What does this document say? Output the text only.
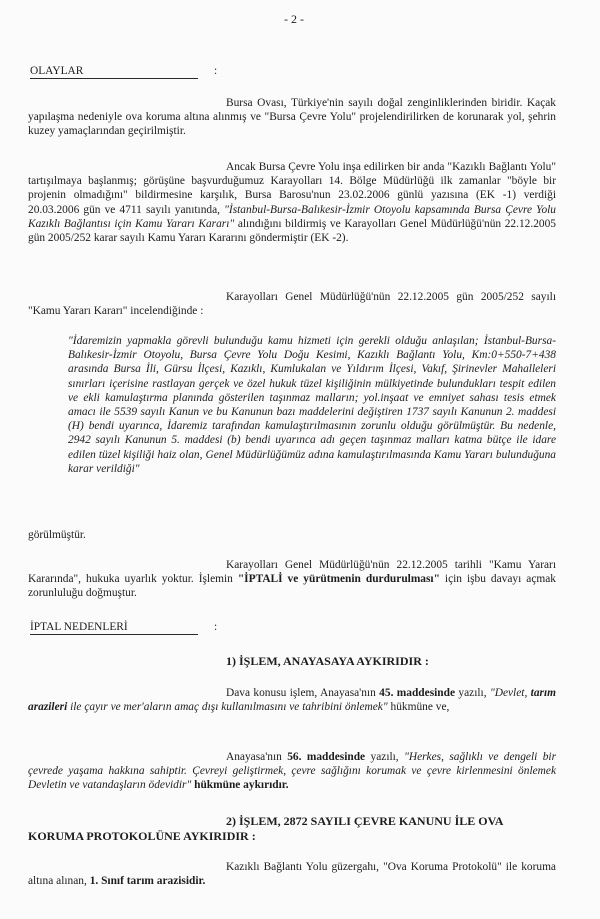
- 2 -
OLAYLAR	:
Bursa Ovası, Türkiye'nin sayılı doğal zenginliklerinden biridir. Kaçak yapılaşma nedeniyle ova koruma altına alınmış ve "Bursa Çevre Yolu" projelendirilirken de korunarak yol, şehrin kuzey yamaçlarından geçirilmiştir.
Ancak Bursa Çevre Yolu inşa edilirken bir anda "Kazıklı Bağlantı Yolu" tartışılmaya başlanmış; görüşüne başvurduğumuz Karayolları 14. Bölge Müdürlüğü ilk zamanlar "böyle bir projenin olmadığını" bildirmesine karşılık, Bursa Barosu'nun 23.02.2006 günlü yazısına (EK -1) verdiği 20.03.2006 gün ve 4711 sayılı yanıtında, "İstanbul-Bursa-Balıkesir-İzmir Otoyolu kapsamında Bursa Çevre Yolu Kazıklı Bağlantısı için Kamu Yararı Kararı" alındığını bildirmiş ve Karayolları Genel Müdürlüğü'nün 22.12.2005 gün 2005/252 karar sayılı Kamu Yararı Kararını göndermiştir (EK -2).
Karayolları Genel Müdürlüğü'nün 22.12.2005 gün 2005/252 sayılı "Kamu Yararı Kararı" incelendiğinde :
"İdaremizin yapmakla görevli bulunduğu kamu hizmeti için gerekli olduğu anlaşılan; İstanbul-Bursa-Balıkesir-İzmir Otoyolu, Bursa Çevre Yolu Doğu Kesimi, Kazıklı Bağlantı Yolu, Km:0+550-7+438 arasında Bursa İli, Gürsu İlçesi, Kazıklı, Kumlukalan ve Yıldırım İlçesi, Vakıf, Şirinevler Mahalleleri sınırları içerisine rastlayan gerçek ve özel hukuk tüzel kişiliğinin mülkiyetinde bulundukları tespit edilen ve ekli kamulaştırma planında gösterilen taşınmaz malların; yol.inşaat ve emniyet sahası tesis etmek amacı ile 5539 sayılı Kanun ve bu Kanunun bazı maddelerini değiştiren 1737 sayılı Kanunun 2. maddesi (H) bendi uyarınca, İdaremiz tarafından kamulaştırılmasının zorunlu olduğu görülmüştür. Bu nedenle, 2942 sayılı Kanunun 5. maddesi (b) bendi uyarınca adı geçen taşınmaz malları katma bütçe ile idare edilen tüzel kişiliği haiz olan, Genel Müdürlüğümüz adına kamulaştırılmasında Kamu Yararı bulunduğuna karar verildiği"
görülmüştür.
Karayolları Genel Müdürlüğü'nün 22.12.2005 tarihli "Kamu Yararı Kararında", hukuka uyarlık yoktur. İşlemin "İPTALİ ve yürütmenin durdurulması" için işbu davayı açmak zorunluluğu doğmuştur.
İPTAL NEDENLERİ	:
1) İŞLEM, ANAYASAYA AYKIRIDIR :
Dava konusu işlem, Anayasa'nın 45. maddesinde yazılı, "Devlet, tarım arazileri ile çayır ve mer'aların amaç dışı kullanılmasını ve tahribini önlemek" hükmüne ve,
Anayasa'nın 56. maddesinde yazılı, "Herkes, sağlıklı ve dengeli bir çevrede yaşama hakkına sahiptir. Çevreyi geliştirmek, çevre sağlığını korumak ve çevre kirlenmesini önlemek Devletin ve vatandaşların ödevidir" hükmüne aykırıdır.
2) İŞLEM, 2872 SAYILI ÇEVRE KANUNU İLE OVA
KORUMA PROTOKOLÜNE AYKIRIDIR :
Kazıklı Bağlantı Yolu güzergahı, "Ova Koruma Protokolü" ile koruma altına alınan, 1. Sınıf tarım arazisidir.
